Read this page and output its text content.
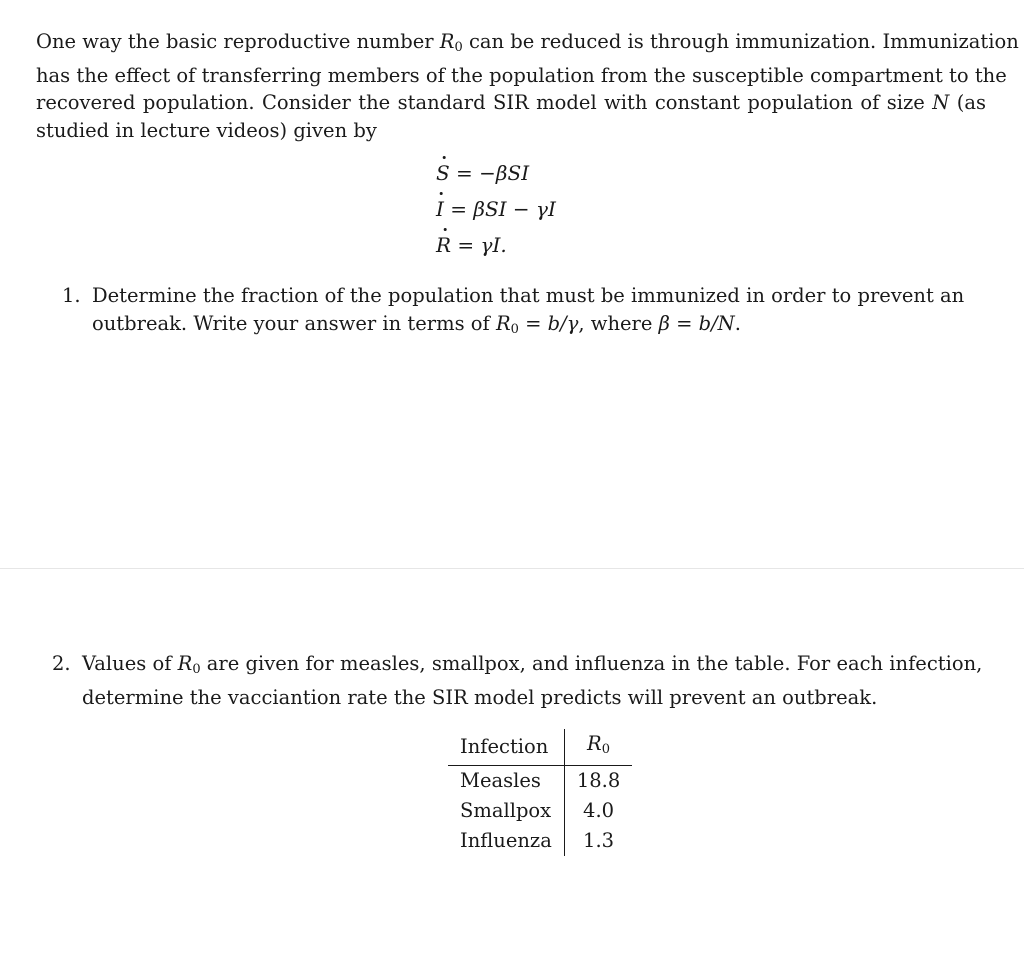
One way the basic reproductive number $R_0$ can be reduced is through immunization. Immunization
has the effect of transferring members of the population from the susceptible compartment to the
recovered population. Consider the standard SIR model with constant population of size N (as
studied in lecture videos) given by
S = −βSI
I = βSI − γI
R = γI.
1. Determine the fraction of the population that must be immunized in order to prevent an
outbreak. Write your answer in terms of $R_0 = b/\gamma$, where β = b/N.
2. Values of $R_0$ are given for measles, smallpox, and influenza in the table. For each infection,
determine the vacciantion rate the SIR model predicts will prevent an outbreak.
Infection	$R_0$
Measles	18.8
Smallpox	4.0
Influenza	1.3
